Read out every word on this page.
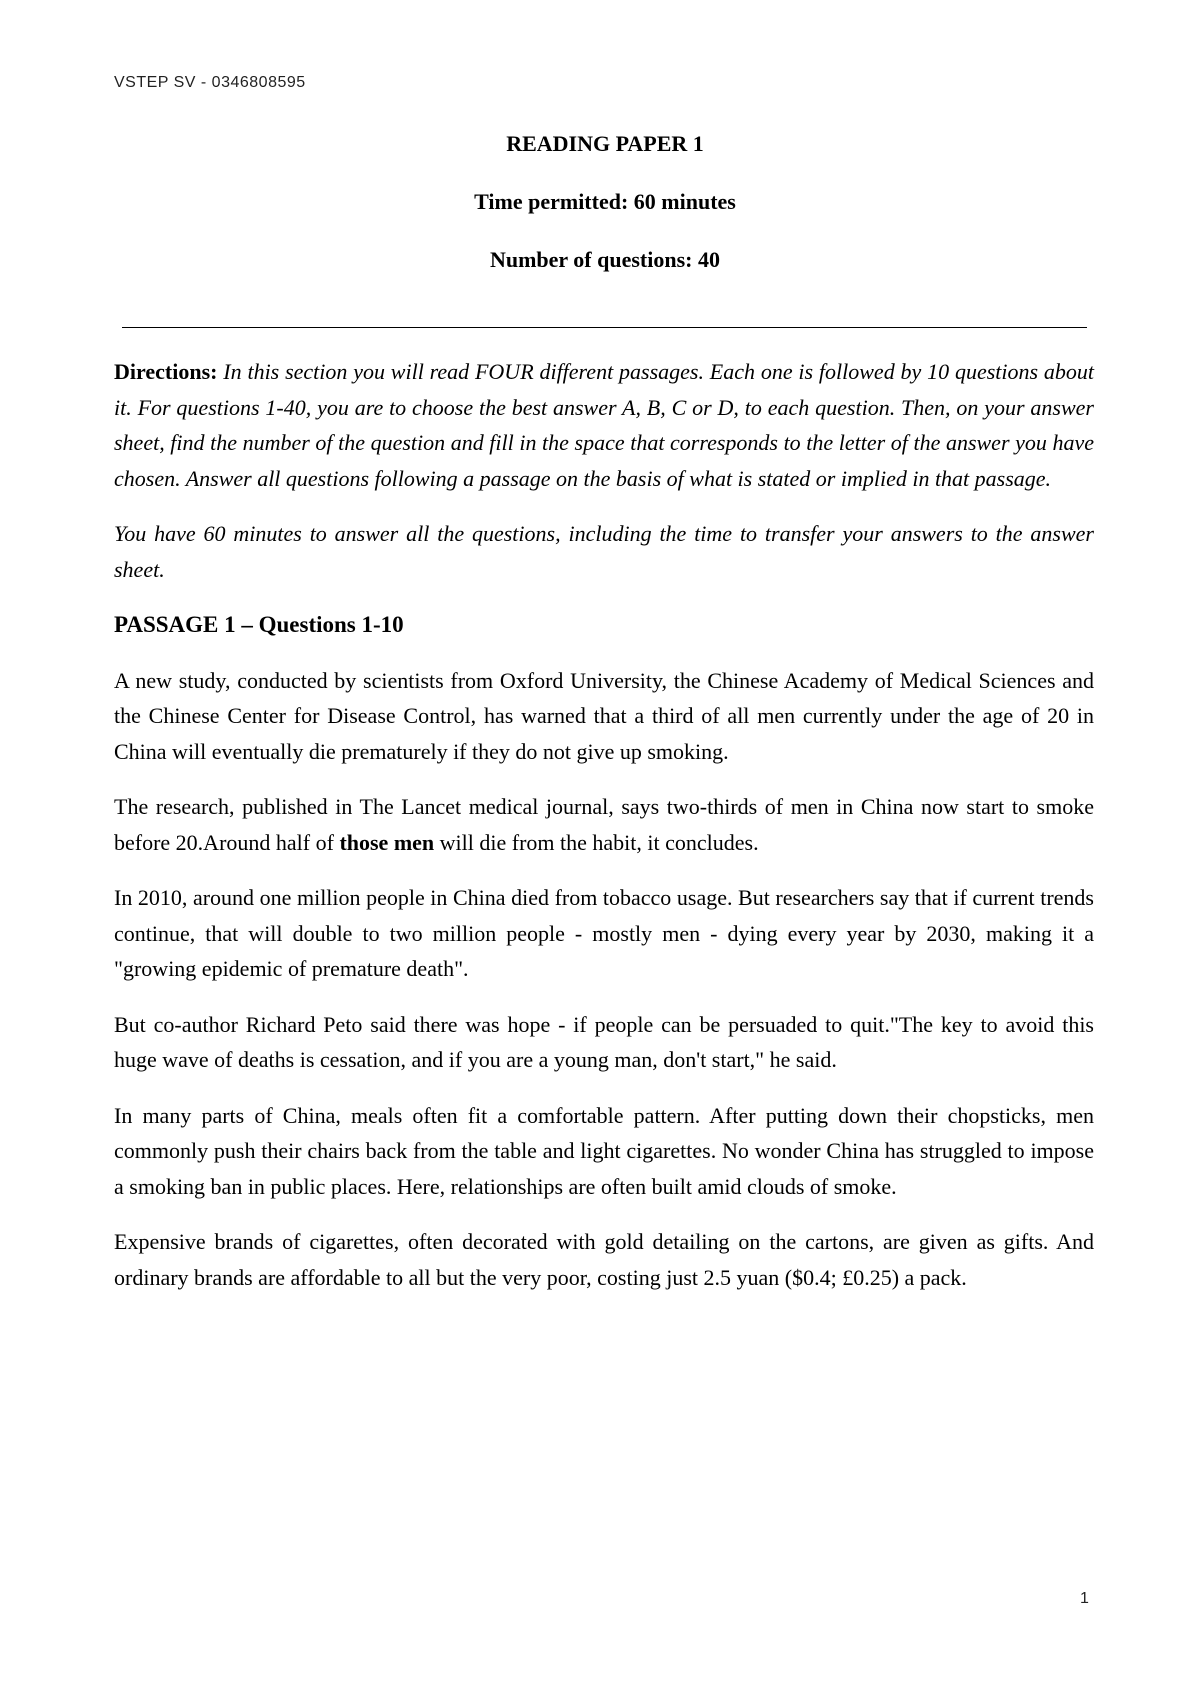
VSTEP SV - 0346808595
READING PAPER 1
Time permitted: 60 minutes
Number of questions: 40

Directions: In this section you will read FOUR different passages. Each one is followed by 10 questions about it. For questions 1-40, you are to choose the best answer A, B, C or D, to each question. Then, on your answer sheet, find the number of the question and fill in the space that corresponds to the letter of the answer you have chosen. Answer all questions following a passage on the basis of what is stated or implied in that passage.

You have 60 minutes to answer all the questions, including the time to transfer your answers to the answer sheet.

PASSAGE 1 – Questions 1-10

A new study, conducted by scientists from Oxford University, the Chinese Academy of Medical Sciences and the Chinese Center for Disease Control, has warned that a third of all men currently under the age of 20 in China will eventually die prematurely if they do not give up smoking.

The research, published in The Lancet medical journal, says two-thirds of men in China now start to smoke before 20.Around half of those men will die from the habit, it concludes.

In 2010, around one million people in China died from tobacco usage. But researchers say that if current trends continue, that will double to two million people - mostly men - dying every year by 2030, making it a "growing epidemic of premature death".

But co-author Richard Peto said there was hope - if people can be persuaded to quit."The key to avoid this huge wave of deaths is cessation, and if you are a young man, don't start," he said.

In many parts of China, meals often fit a comfortable pattern. After putting down their chopsticks, men commonly push their chairs back from the table and light cigarettes. No wonder China has struggled to impose a smoking ban in public places. Here, relationships are often built amid clouds of smoke.

Expensive brands of cigarettes, often decorated with gold detailing on the cartons, are given as gifts. And ordinary brands are affordable to all but the very poor, costing just 2.5 yuan ($0.4; £0.25) a pack.

1
